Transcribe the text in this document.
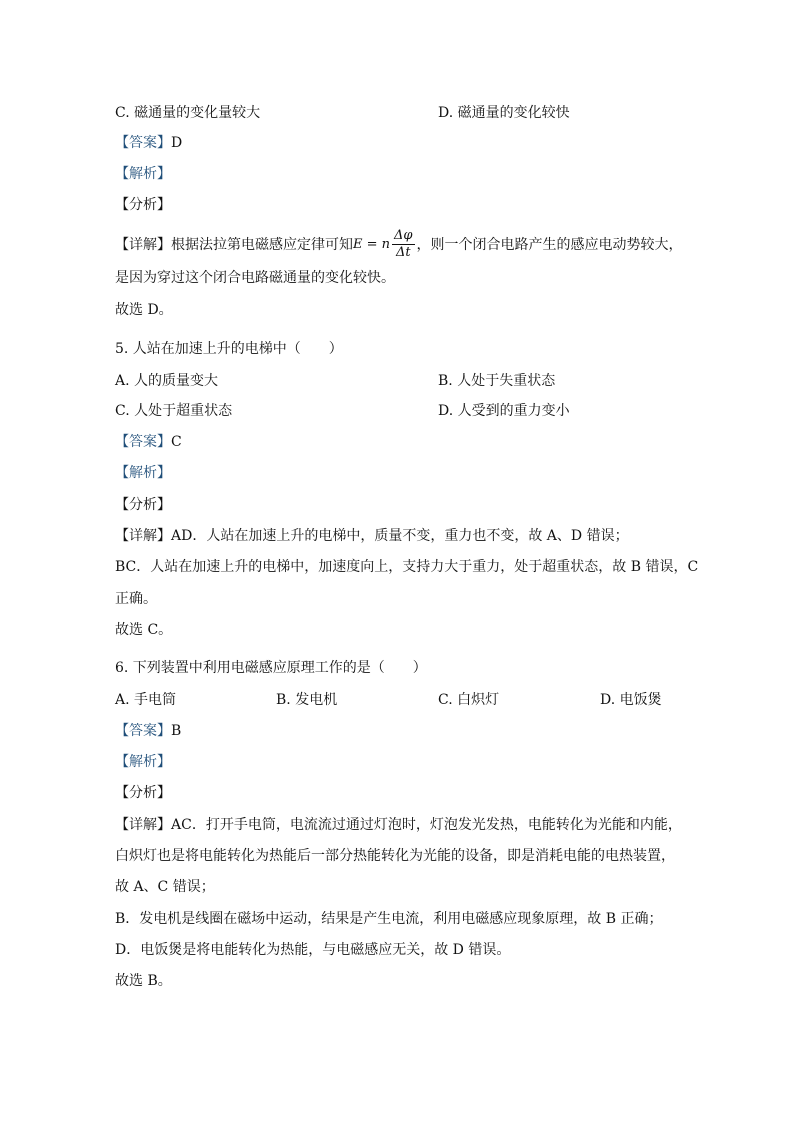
C. 磁通量的变化量较大	D. 磁通量的变化较快
【答案】D
【解析】
【分析】
【详解】根据法拉第电磁感应定律可知E = n $\frac{\Delta\varphi}{\Delta t}$ ，则一个闭合电路产生的感应电动势较大，
是因为穿过这个闭合电路磁通量的变化较快。
故选 D。
5. 人站在加速上升的电梯中（　　）
A. 人的质量变大	B. 人处于失重状态
C. 人处于超重状态	D. 人受到的重力变小
【答案】C
【解析】
【分析】
【详解】AD．人站在加速上升的电梯中，质量不变，重力也不变，故 A、D 错误；
BC．人站在加速上升的电梯中，加速度向上，支持力大于重力，处于超重状态，故 B 错误，C
正确。
故选 C。
6. 下列装置中利用电磁感应原理工作的是（　　）
A. 手电筒	B. 发电机	C. 白炽灯	D. 电饭煲
【答案】B
【解析】
【分析】
【详解】AC．打开手电筒，电流流过通过灯泡时，灯泡发光发热，电能转化为光能和内能，
白炽灯也是将电能转化为热能后一部分热能转化为光能的设备，即是消耗电能的电热装置，
故 A、C 错误；
B．发电机是线圈在磁场中运动，结果是产生电流，利用电磁感应现象原理，故 B 正确；
D．电饭煲是将电能转化为热能，与电磁感应无关，故 D 错误。
故选 B。
